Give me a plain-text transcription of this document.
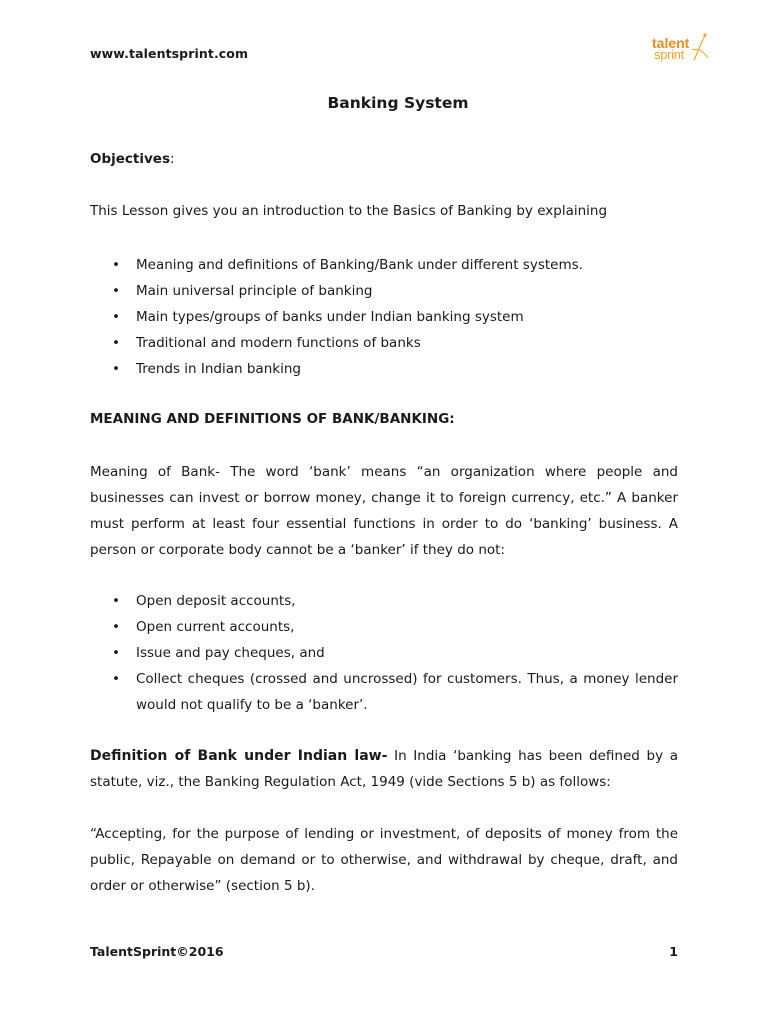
www.talentsprint.com
talent
sprint
Banking System
Objectives:
This Lesson gives you an introduction to the Basics of Banking by explaining
• Meaning and definitions of Banking/Bank under different systems.
• Main universal principle of banking
• Main types/groups of banks under Indian banking system
• Traditional and modern functions of banks
• Trends in Indian banking
MEANING AND DEFINITIONS OF BANK/BANKING:
Meaning of Bank- The word ‘bank’ means “an organization where people and businesses can invest or borrow money, change it to foreign currency, etc.” A banker must perform at least four essential functions in order to do ‘banking’ business. A person or corporate body cannot be a ‘banker’ if they do not:
• Open deposit accounts,
• Open current accounts,
• Issue and pay cheques, and
• Collect cheques (crossed and uncrossed) for customers. Thus, a money lender would not qualify to be a ‘banker’.
Definition of Bank under Indian law- In India ‘banking has been defined by a statute, viz., the Banking Regulation Act, 1949 (vide Sections 5 b) as follows:
“Accepting, for the purpose of lending or investment, of deposits of money from the public, Repayable on demand or to otherwise, and withdrawal by cheque, draft, and order or otherwise” (section 5 b).
TalentSprint©2016	1
